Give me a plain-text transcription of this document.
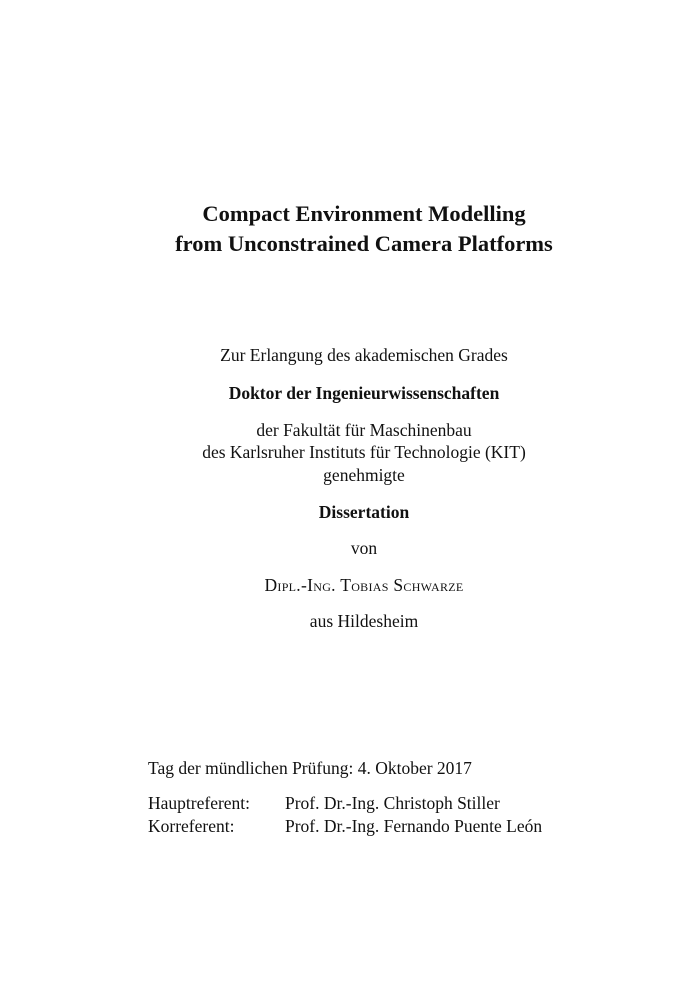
Compact Environment Modelling
from Unconstrained Camera Platforms
Zur Erlangung des akademischen Grades
Doktor der Ingenieurwissenschaften
der Fakultät für Maschinenbau
des Karlsruher Instituts für Technologie (KIT)
genehmigte
Dissertation
von
Dipl.-Ing. Tobias Schwarze
aus Hildesheim
Tag der mündlichen Prüfung: 4. Oktober 2017
Hauptreferent: Prof. Dr.-Ing. Christoph Stiller
Korreferent:	Prof. Dr.-Ing. Fernando Puente León
